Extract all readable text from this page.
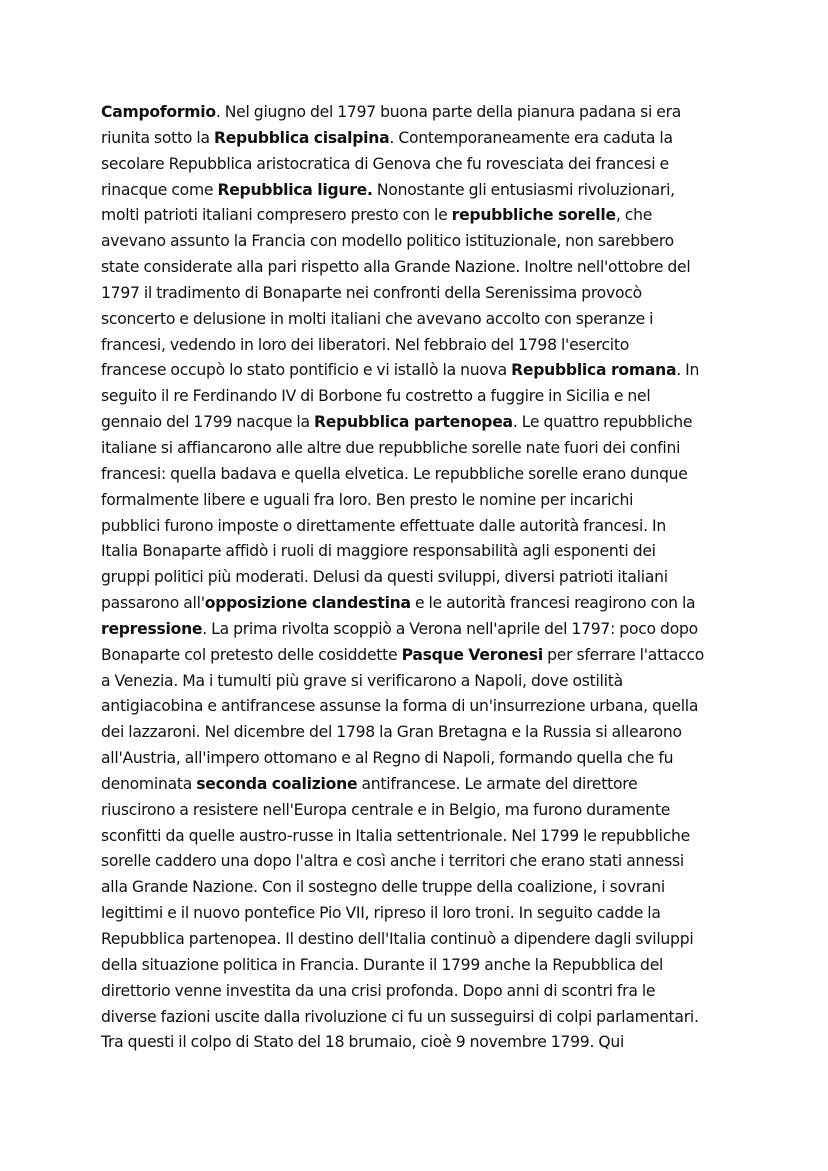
Campoformio. Nel giugno del 1797 buona parte della pianura padana si era
riunita sotto la Repubblica cisalpina. Contemporaneamente era caduta la
secolare Repubblica aristocratica di Genova che fu rovesciata dei francesi e
rinacque come Repubblica ligure. Nonostante gli entusiasmi rivoluzionari,
molti patrioti italiani compresero presto con le repubbliche sorelle, che
avevano assunto la Francia con modello politico istituzionale, non sarebbero
state considerate alla pari rispetto alla Grande Nazione. Inoltre nell'ottobre del
1797 il tradimento di Bonaparte nei confronti della Serenissima provocò
sconcerto e delusione in molti italiani che avevano accolto con speranze i
francesi, vedendo in loro dei liberatori. Nel febbraio del 1798 l'esercito
francese occupò lo stato pontificio e vi istallò la nuova Repubblica romana. In
seguito il re Ferdinando IV di Borbone fu costretto a fuggire in Sicilia e nel
gennaio del 1799 nacque la Repubblica partenopea. Le quattro repubbliche
italiane si affiancarono alle altre due repubbliche sorelle nate fuori dei confini
francesi: quella badava e quella elvetica. Le repubbliche sorelle erano dunque
formalmente libere e uguali fra loro. Ben presto le nomine per incarichi
pubblici furono imposte o direttamente effettuate dalle autorità francesi. In
Italia Bonaparte affidò i ruoli di maggiore responsabilità agli esponenti dei
gruppi politici più moderati. Delusi da questi sviluppi, diversi patrioti italiani
passarono all'opposizione clandestina e le autorità francesi reagirono con la
repressione. La prima rivolta scoppiò a Verona nell'aprile del 1797: poco dopo
Bonaparte col pretesto delle cosiddette Pasque Veronesi per sferrare l'attacco
a Venezia. Ma i tumulti più grave si verificarono a Napoli, dove ostilità
antigiacobina e antifrancese assunse la forma di un'insurrezione urbana, quella
dei lazzaroni. Nel dicembre del 1798 la Gran Bretagna e la Russia si allearono
all'Austria, all'impero ottomano e al Regno di Napoli, formando quella che fu
denominata seconda coalizione antifrancese. Le armate del direttore
riuscirono a resistere nell'Europa centrale e in Belgio, ma furono duramente
sconfitti da quelle austro-russe in Italia settentrionale. Nel 1799 le repubbliche
sorelle caddero una dopo l'altra e così anche i territori che erano stati annessi
alla Grande Nazione. Con il sostegno delle truppe della coalizione, i sovrani
legittimi e il nuovo pontefice Pio VII, ripreso il loro troni. In seguito cadde la
Repubblica partenopea. Il destino dell'Italia continuò a dipendere dagli sviluppi
della situazione politica in Francia. Durante il 1799 anche la Repubblica del
direttorio venne investita da una crisi profonda. Dopo anni di scontri fra le
diverse fazioni uscite dalla rivoluzione ci fu un susseguirsi di colpi parlamentari.
Tra questi il colpo di Stato del 18 brumaio, cioè 9 novembre 1799. Qui
